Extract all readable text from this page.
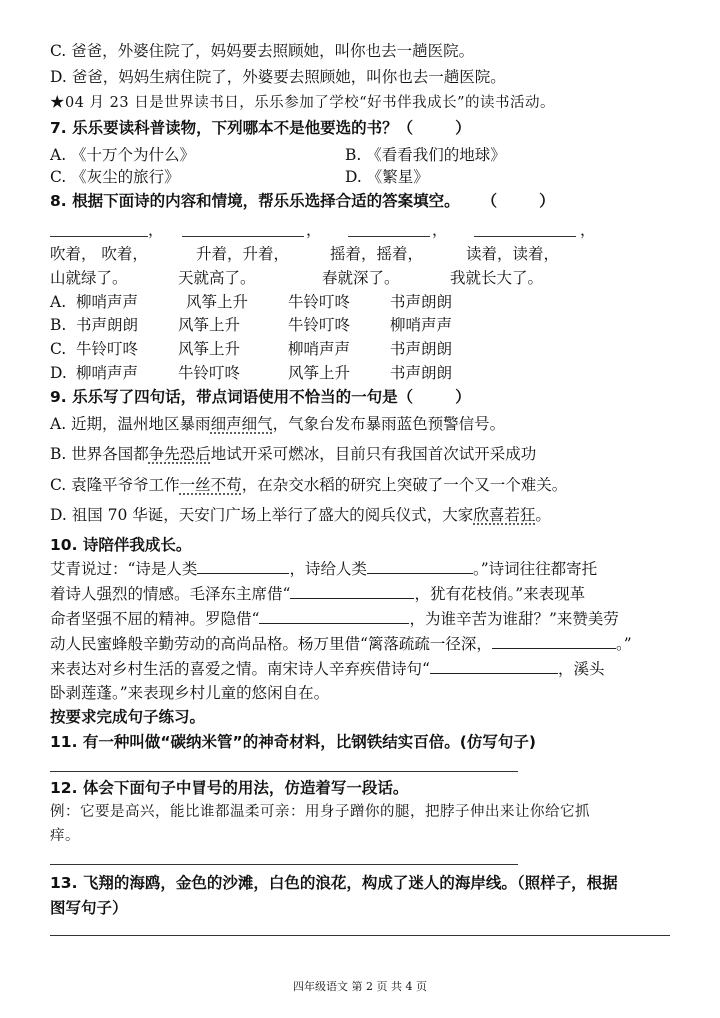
C. 爸爸，外婆住院了，妈妈要去照顾她，叫你也去一趟医院。
D. 爸爸，妈妈生病住院了，外婆要去照顾她，叫你也去一趟医院。
★04 月 23 日是世界读书日，乐乐参加了学校“好书伴我成长”的读书活动。
7. 乐乐要读科普读物，下列哪本不是他要选的书？（	）
A. 《十万个为什么》	B. 《看看我们的地球》
C. 《灰尘的旅行》	D. 《繁星》
8. 根据下面诗的内容和情境，帮乐乐选择合适的答案填空。 （	）
，	，	，	，
吹着， 吹着，	升着，升着，	摇着，摇着，	读着，读着，
山就绿了。	天就高了。	春就深了。	我就长大了。
A. 柳哨声声	风筝上升	牛铃叮咚	书声朗朗
B. 书声朗朗	风筝上升	牛铃叮咚	柳哨声声
C. 牛铃叮咚	风筝上升	柳哨声声	书声朗朗
D. 柳哨声声	牛铃叮咚	风筝上升	书声朗朗
9. 乐乐写了四句话，带点词语使用不恰当的一句是（	）
A. 近期，温州地区暴雨细声细气，气象台发布暴雨蓝色预警信号。
B. 世界各国都争先恐后地试开采可燃冰，目前只有我国首次试开采成功
C. 袁隆平爷爷工作一丝不苟，在杂交水稻的研究上突破了一个又一个难关。
D. 祖国 70 华诞，天安门广场上举行了盛大的阅兵仪式，大家欣喜若狂。
10. 诗陪伴我成长。
艾青说过：“诗是人类	，诗给人类	。”诗词往往都寄托
着诗人强烈的情感。毛泽东主席借“	，犹有花枝俏。”来表现革
命者坚强不屈的精神。罗隐借“	，为谁辛苦为谁甜？”来赞美劳
动人民蜜蜂般辛勤劳动的高尚品格。杨万里借“篱落疏疏一径深，	。”
来表达对乡村生活的喜爱之情。南宋诗人辛弃疾借诗句“	，溪头
卧剥莲蓬。”来表现乡村儿童的悠闲自在。
按要求完成句子练习。
11. 有一种叫做“碳纳米管”的神奇材料，比钢铁结实百倍。(仿写句子)
12. 体会下面句子中冒号的用法，仿造着写一段话。
例：它要是高兴，能比谁都温柔可亲：用身子蹭你的腿，把脖子伸出来让你给它抓
痒。
13. 飞翔的海鸥，金色的沙滩，白色的浪花，构成了迷人的海岸线。（照样子，根据
图写句子）
四年级语文 第 2 页 共 4 页
